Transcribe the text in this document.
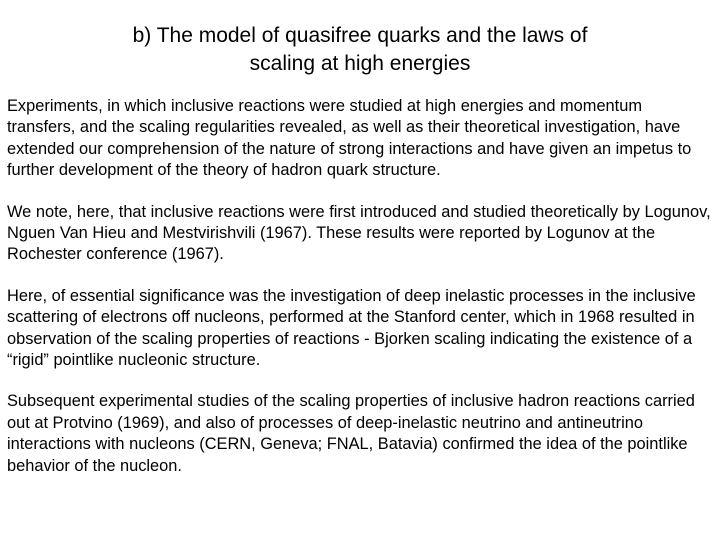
b) The model of quasifree quarks and the laws of
scaling at high energies

Experiments, in which inclusive reactions were studied at high energies and momentum transfers, and the scaling regularities revealed, as well as their theoretical investigation, have extended our comprehension of the nature of strong interactions and have given an impetus to further development of the theory of hadron quark structure.

We note, here, that inclusive reactions were first introduced and studied theoretically by Logunov, Nguen Van Hieu and Mestvirishvili (1967). These results were reported by Logunov at the Rochester conference (1967).

Here, of essential significance was the investigation of deep inelastic processes in the inclusive scattering of electrons off nucleons, performed at the Stanford center, which in 1968 resulted in observation of the scaling properties of reactions - Bjorken scaling indicating the existence of a “rigid” pointlike nucleonic structure.

Subsequent experimental studies of the scaling properties of inclusive hadron reactions carried out at Protvino (1969), and also of processes of deep-inelastic neutrino and antineutrino interactions with nucleons (CERN, Geneva; FNAL, Batavia) confirmed the idea of the pointlike behavior of the nucleon.
